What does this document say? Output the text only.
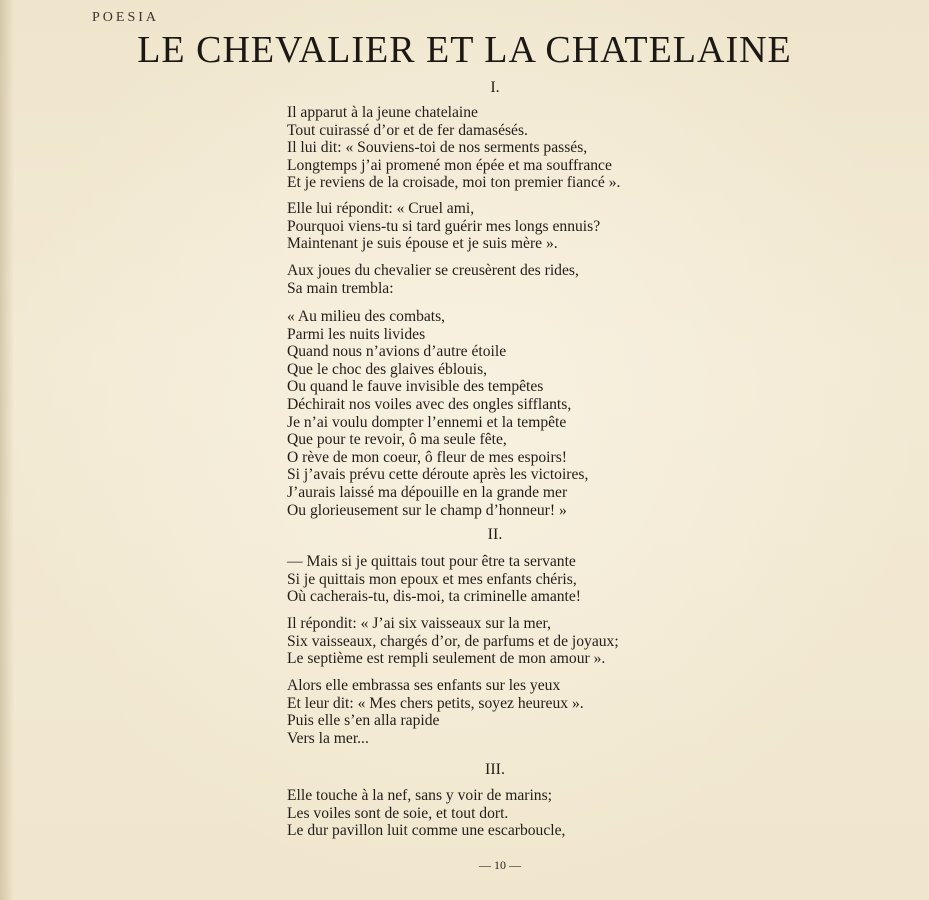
POESIA
LE CHEVALIER ET LA CHATELAINE
I.
Il apparut à la jeune chatelaine
Tout cuirassé d’or et de fer damasésés.
Il lui dit: « Souviens-toi de nos serments passés,
Longtemps j’ai promené mon épée et ma souffrance
Et je reviens de la croisade, moi ton premier fiancé ».
Elle lui répondit: « Cruel ami,
Pourquoi viens-tu si tard guérir mes longs ennuis?
Maintenant je suis épouse et je suis mère ».
Aux joues du chevalier se creusèrent des rides,
Sa main trembla:
« Au milieu des combats,
Parmi les nuits livides
Quand nous n’avions d’autre étoile
Que le choc des glaives éblouis,
Ou quand le fauve invisible des tempêtes
Déchirait nos voiles avec des ongles sifflants,
Je n’ai voulu dompter l’ennemi et la tempête
Que pour te revoir, ô ma seule fête,
O rève de mon coeur, ô fleur de mes espoirs!
Si j’avais prévu cette déroute après les victoires,
J’aurais laissé ma dépouille en la grande mer
Ou glorieusement sur le champ d’honneur! »
II.
— Mais si je quittais tout pour être ta servante
Si je quittais mon epoux et mes enfants chéris,
Où cacherais-tu, dis-moi, ta criminelle amante!
Il répondit: « J’ai six vaisseaux sur la mer,
Six vaisseaux, chargés d’or, de parfums et de joyaux;
Le septième est rempli seulement de mon amour ».
Alors elle embrassa ses enfants sur les yeux
Et leur dit: « Mes chers petits, soyez heureux ».
Puis elle s’en alla rapide
Vers la mer...
III.
Elle touche à la nef, sans y voir de marins;
Les voiles sont de soie, et tout dort.
Le dur pavillon luit comme une escarboucle,
— 10 —
